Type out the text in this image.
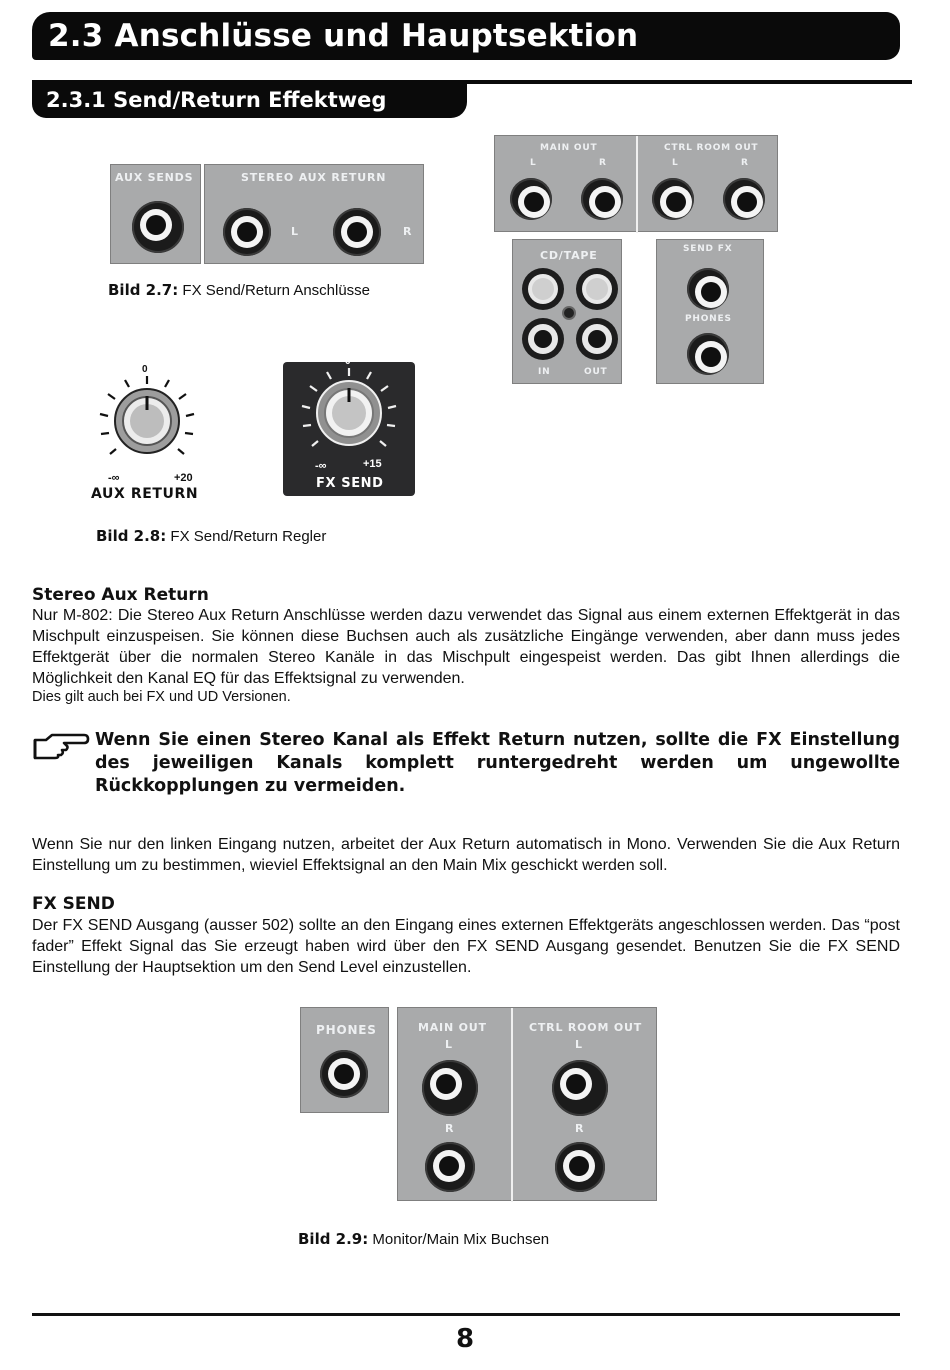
2.3 Anschlüsse und Hauptsektion
2.3.1 Send/Return Effektweg
AUX SENDS	STEREO AUX RETURN
L	R
Bild 2.7: FX Send/Return Anschlüsse
MAIN OUT
L	R
CTRL ROOM OUT
L	R
CD/TAPE
IN	OUT
SEND FX
PHONES
0
-∞	+20
AUX RETURN
0
-∞	+15
FX SEND
Bild 2.8: FX Send/Return Regler
Stereo Aux Return
Nur M-802: Die Stereo Aux Return Anschlüsse werden dazu verwendet das Signal aus einem externen Effektgerät in das Mischpult einzuspeisen. Sie können diese Buchsen auch als zusätzliche Eingänge verwenden, aber dann muss jedes Effektgerät über die normalen Stereo Kanäle in das Mischpult eingespeist werden. Das gibt Ihnen allerdings die Möglichkeit den Kanal EQ für das Effektsignal zu verwenden.
Dies gilt auch bei FX und UD Versionen.
Wenn Sie einen Stereo Kanal als Effekt Return nutzen, sollte die FX Einstellung des jeweiligen Kanals komplett runtergedreht werden um ungewollte Rückkopplungen zu vermeiden.
Wenn Sie nur den linken Eingang nutzen, arbeitet der Aux Return automatisch in Mono. Verwenden Sie die Aux Return Einstellung um zu bestimmen, wieviel Effektsignal an den Main Mix geschickt werden soll.
FX SEND
Der FX SEND Ausgang (ausser 502) sollte an den Eingang eines externen Effektgeräts angeschlossen werden. Das “post fader” Effekt Signal das Sie erzeugt haben wird über den FX SEND Ausgang gesendet. Benutzen Sie die FX SEND Einstellung der Hauptsektion um den Send Level einzustellen.
PHONES	MAIN OUT
L
CTRL ROOM OUT
L
R	R
Bild 2.9: Monitor/Main Mix Buchsen
8
